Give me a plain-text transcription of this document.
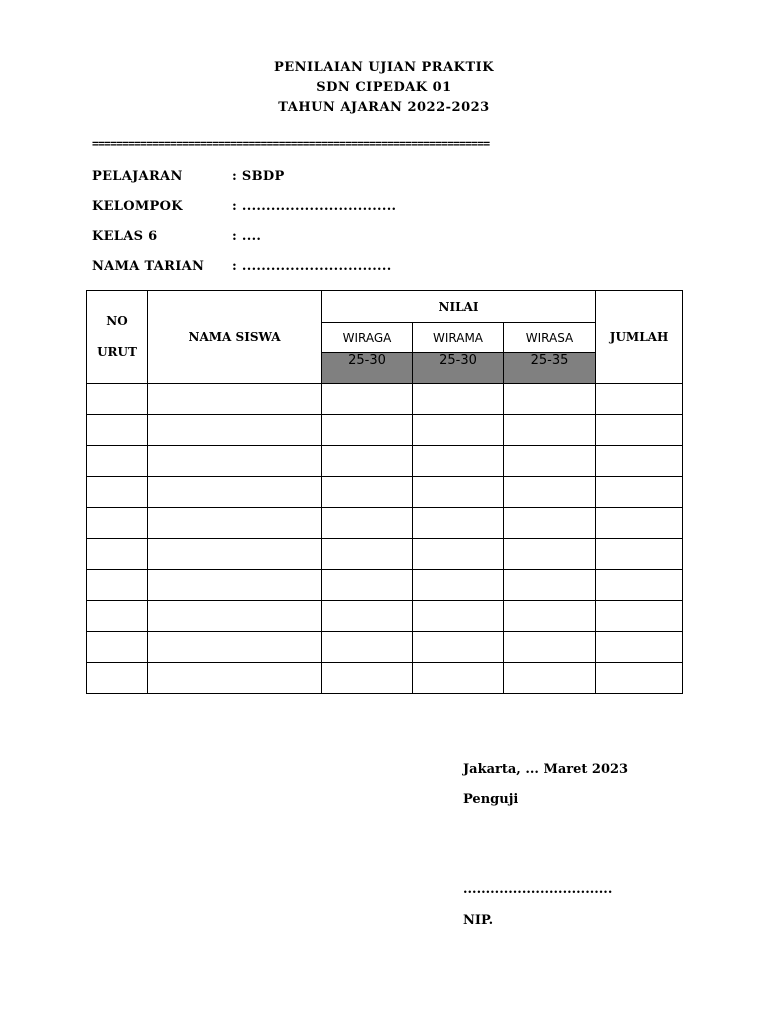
PENILAIAN UJIAN PRAKTIK
SDN CIPEDAK 01
TAHUN AJARAN 2022-2023
==================================================================
PELAJARAN	: SBDP
KELOMPOK	: ................................
KELAS 6	: ....
NAMA TARIAN : ...............................
NO
URUT	NAMA SISWA	NILAI			JUMLAH
		WIRAGA	WIRAMA	WIRASA	
		25-30	25-30	25-35	

Jakarta, ... Maret 2023
Penguji
.................................
NIP.
